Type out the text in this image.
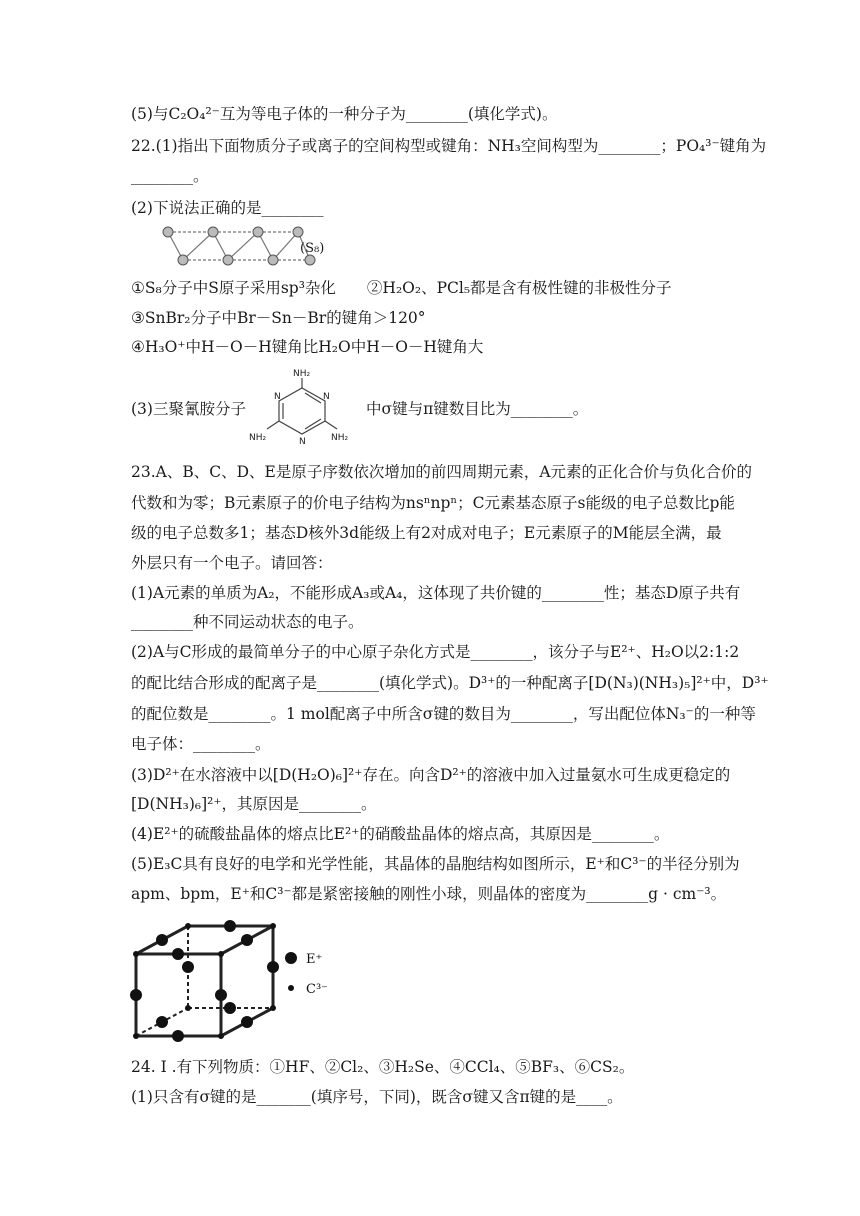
(5)与C₂O₄²⁻互为等电子体的一种分子为________(填化学式)。
22.(1)指出下面物质分子或离子的空间构型或键角：NH₃空间构型为________；PO₄³⁻键角为
________。
(2)下说法正确的是________
(S₈)
①S₈分子中S原子采用sp³杂化　　②H₂O₂、PCl₅都是含有极性键的非极性分子
③SnBr₂分子中Br－Sn－Br的键角＞120°
④H₃O⁺中H－O－H键角比H₂O中H－O－H键角大
(3)三聚氰胺分子
NH₂
NH₂
NH₂
N
N
N
中σ键与π键数目比为________。
23.A、B、C、D、E是原子序数依次增加的前四周期元素，A元素的正化合价与负化合价的
代数和为零；B元素原子的价电子结构为nsⁿnpⁿ；C元素基态原子s能级的电子总数比p能
级的电子总数多1；基态D核外3d能级上有2对成对电子；E元素原子的M能层全满，最
外层只有一个电子。请回答：
(1)A元素的单质为A₂，不能形成A₃或A₄，这体现了共价键的________性；基态D原子共有
________种不同运动状态的电子。
(2)A与C形成的最简单分子的中心原子杂化方式是________，该分子与E²⁺、H₂O以2:1:2
的配比结合形成的配离子是________(填化学式)。D³⁺的一种配离子[D(N₃)(NH₃)₅]²⁺中，D³⁺
的配位数是________。1 mol配离子中所含σ键的数目为________，写出配位体N₃⁻的一种等
电子体：________。
(3)D²⁺在水溶液中以[D(H₂O)₆]²⁺存在。向含D²⁺的溶液中加入过量氨水可生成更稳定的
[D(NH₃)₆]²⁺，其原因是________。
(4)E²⁺的硫酸盐晶体的熔点比E²⁺的硝酸盐晶体的熔点高，其原因是________。
(5)E₃C具有良好的电学和光学性能，其晶体的晶胞结构如图所示，E⁺和C³⁻的半径分别为
apm、bpm，E⁺和C³⁻都是紧密接触的刚性小球，则晶体的密度为________g · cm⁻³。
E⁺
C³⁻
24. I .有下列物质：①HF、②Cl₂、③H₂Se、④CCl₄、⑤BF₃、⑥CS₂。
(1)只含有σ键的是_______(填序号，下同)，既含σ键又含π键的是____。
